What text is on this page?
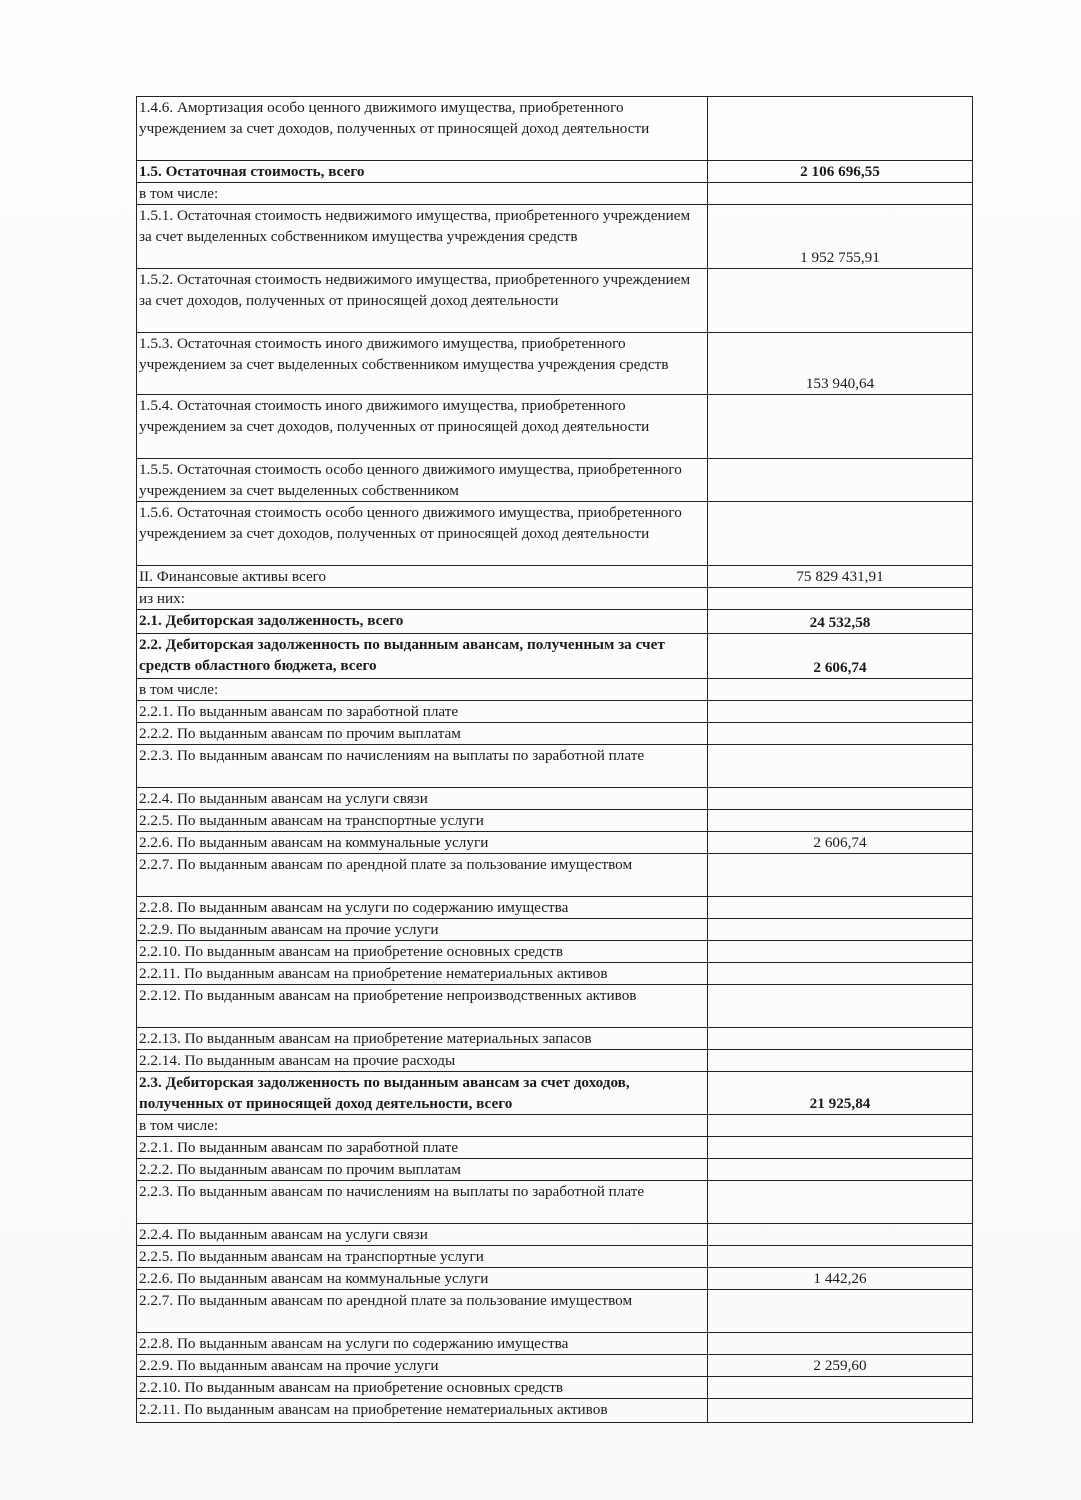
1.4.6. Амортизация особо ценного движимого имущества, приобретенного учреждением за счет доходов, полученных от приносящей доход деятельности	

1.5. Остаточная стоимость, всего	2 106 696,55

в том числе:	

1.5.1. Остаточная стоимость недвижимого имущества, приобретенного учреждением за счет выделенных собственником имущества учреждения средств	1 952 755,91

1.5.2. Остаточная стоимость недвижимого имущества, приобретенного учреждением за счет доходов, полученных от приносящей доход деятельности	

1.5.3. Остаточная стоимость иного движимого имущества, приобретенного учреждением за счет выделенных собственником имущества учреждения средств	153 940,64

1.5.4. Остаточная стоимость иного движимого имущества, приобретенного учреждением за счет доходов, полученных от приносящей доход деятельности	

1.5.5. Остаточная стоимость особо ценного движимого имущества, приобретенного учреждением за счет выделенных собственником	

1.5.6. Остаточная стоимость особо ценного движимого имущества, приобретенного учреждением за счет доходов, полученных от приносящей доход деятельности	

II. Финансовые активы всего	75 829 431,91

из них:	

2.1. Дебиторская задолженность, всего	24 532,58

2.2. Дебиторская задолженность по выданным авансам, полученным за счет средств областного бюджета, всего	2 606,74

в том числе:	

2.2.1. По выданным авансам по заработной плате	

2.2.2. По выданным авансам по прочим выплатам	

2.2.3. По выданным авансам по начислениям на выплаты по заработной плате	

2.2.4. По выданным авансам на услуги связи	

2.2.5. По выданным авансам на транспортные услуги	

2.2.6. По выданным авансам на коммунальные услуги	2 606,74

2.2.7. По выданным авансам по арендной плате за пользование имуществом	

2.2.8. По выданным авансам на услуги по содержанию имущества	

2.2.9. По выданным авансам на прочие услуги	

2.2.10. По выданным авансам на приобретение основных средств	

2.2.11. По выданным авансам на приобретение нематериальных активов	

2.2.12. По выданным авансам на приобретение непроизводственных активов	

2.2.13. По выданным авансам на приобретение материальных запасов	

2.2.14. По выданным авансам на прочие расходы	

2.3. Дебиторская задолженность по выданным авансам за счет доходов, полученных от приносящей доход деятельности, всего	21 925,84

в том числе:	

2.2.1. По выданным авансам по заработной плате	

2.2.2. По выданным авансам по прочим выплатам	

2.2.3. По выданным авансам по начислениям на выплаты по заработной плате	

2.2.4. По выданным авансам на услуги связи	

2.2.5. По выданным авансам на транспортные услуги	

2.2.6. По выданным авансам на коммунальные услуги	1 442,26

2.2.7. По выданным авансам по арендной плате за пользование имуществом	

2.2.8. По выданным авансам на услуги по содержанию имущества	

2.2.9. По выданным авансам на прочие услуги	2 259,60

2.2.10. По выданным авансам на приобретение основных средств	

2.2.11. По выданным авансам на приобретение нематериальных активов	
